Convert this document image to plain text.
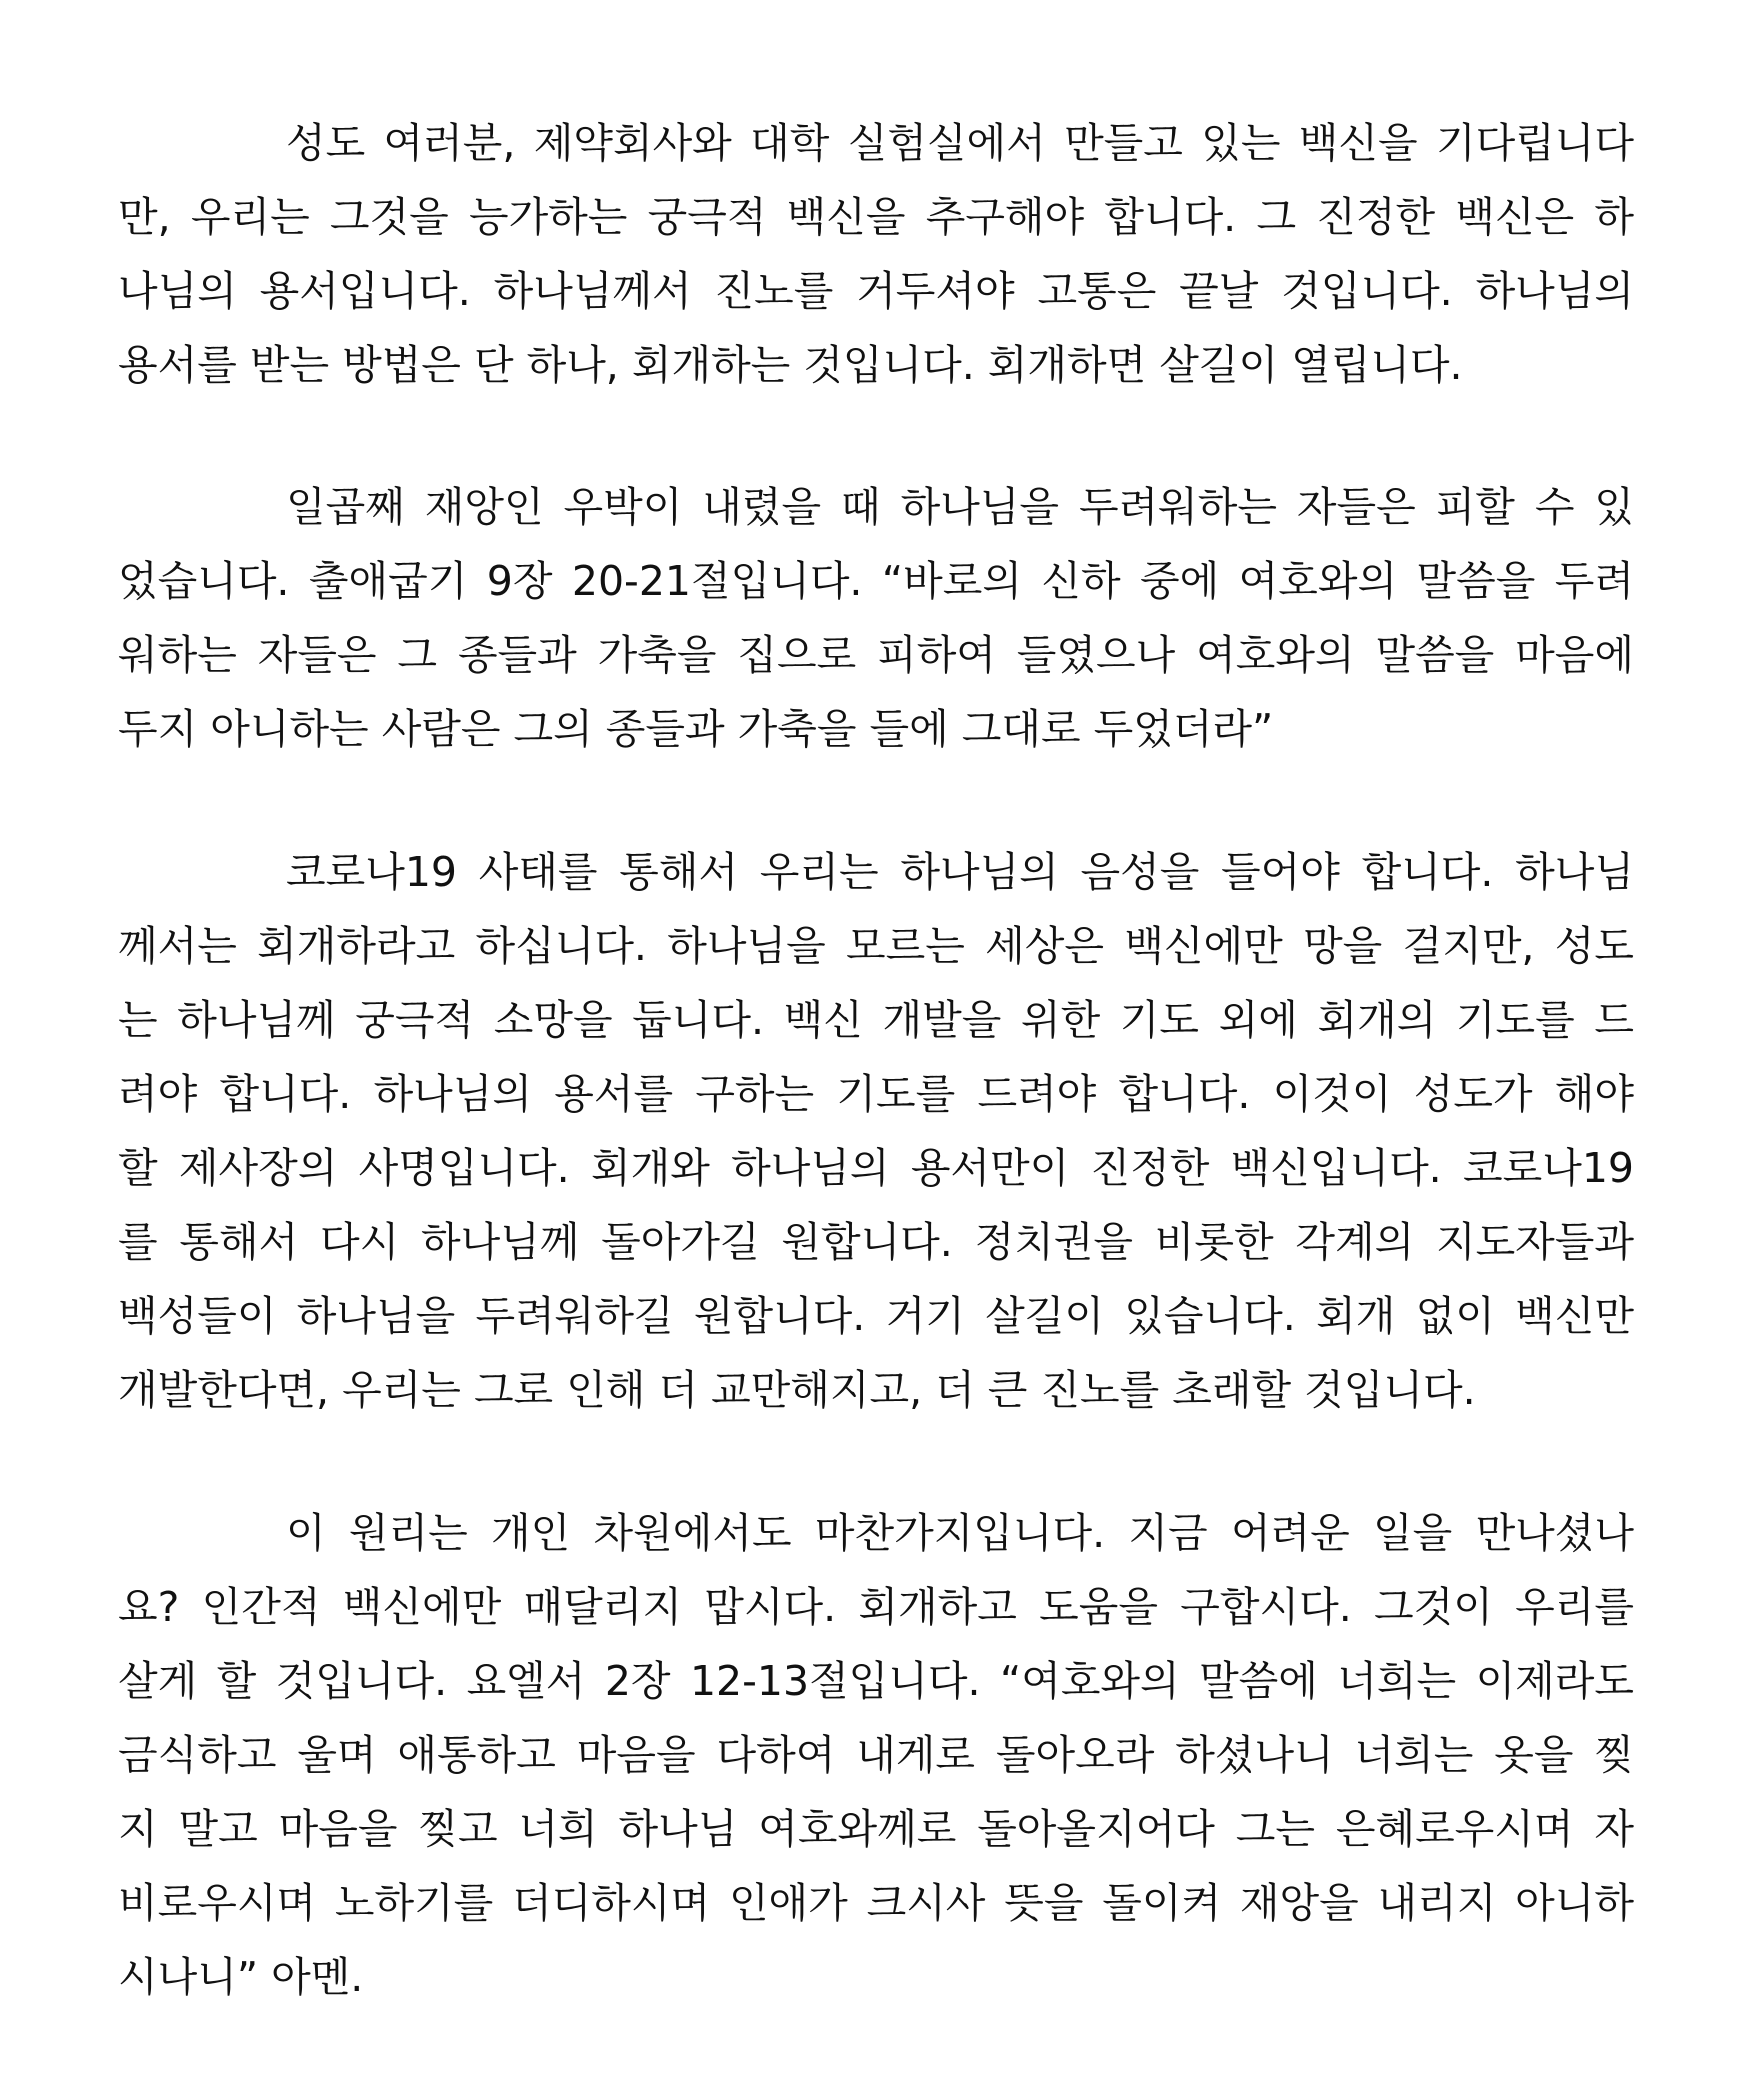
성도 여러분, 제약회사와 대학 실험실에서 만들고 있는 백신을 기다립니다
만, 우리는 그것을 능가하는 궁극적 백신을 추구해야 합니다. 그 진정한 백신은 하
나님의 용서입니다. 하나님께서 진노를 거두셔야 고통은 끝날 것입니다. 하나님의
용서를 받는 방법은 단 하나, 회개하는 것입니다. 회개하면 살길이 열립니다.
일곱째 재앙인 우박이 내렸을 때 하나님을 두려워하는 자들은 피할 수 있
었습니다. 출애굽기 9장 20-21절입니다. “바로의 신하 중에 여호와의 말씀을 두려
워하는 자들은 그 종들과 가축을 집으로 피하여 들였으나 여호와의 말씀을 마음에
두지 아니하는 사람은 그의 종들과 가축을 들에 그대로 두었더라”
코로나19 사태를 통해서 우리는 하나님의 음성을 들어야 합니다. 하나님
께서는 회개하라고 하십니다. 하나님을 모르는 세상은 백신에만 망을 걸지만, 성도
는 하나님께 궁극적 소망을 둡니다. 백신 개발을 위한 기도 외에 회개의 기도를 드
려야 합니다. 하나님의 용서를 구하는 기도를 드려야 합니다. 이것이 성도가 해야
할 제사장의 사명입니다. 회개와 하나님의 용서만이 진정한 백신입니다. 코로나19
를 통해서 다시 하나님께 돌아가길 원합니다. 정치권을 비롯한 각계의 지도자들과
백성들이 하나님을 두려워하길 원합니다. 거기 살길이 있습니다. 회개 없이 백신만
개발한다면, 우리는 그로 인해 더 교만해지고, 더 큰 진노를 초래할 것입니다.
이 원리는 개인 차원에서도 마찬가지입니다. 지금 어려운 일을 만나셨나
요? 인간적 백신에만 매달리지 맙시다. 회개하고 도움을 구합시다. 그것이 우리를
살게 할 것입니다. 요엘서 2장 12-13절입니다. “여호와의 말씀에 너희는 이제라도
금식하고 울며 애통하고 마음을 다하여 내게로 돌아오라 하셨나니 너희는 옷을 찢
지 말고 마음을 찢고 너희 하나님 여호와께로 돌아올지어다 그는 은혜로우시며 자
비로우시며 노하기를 더디하시며 인애가 크시사 뜻을 돌이켜 재앙을 내리지 아니하
시나니” 아멘.
